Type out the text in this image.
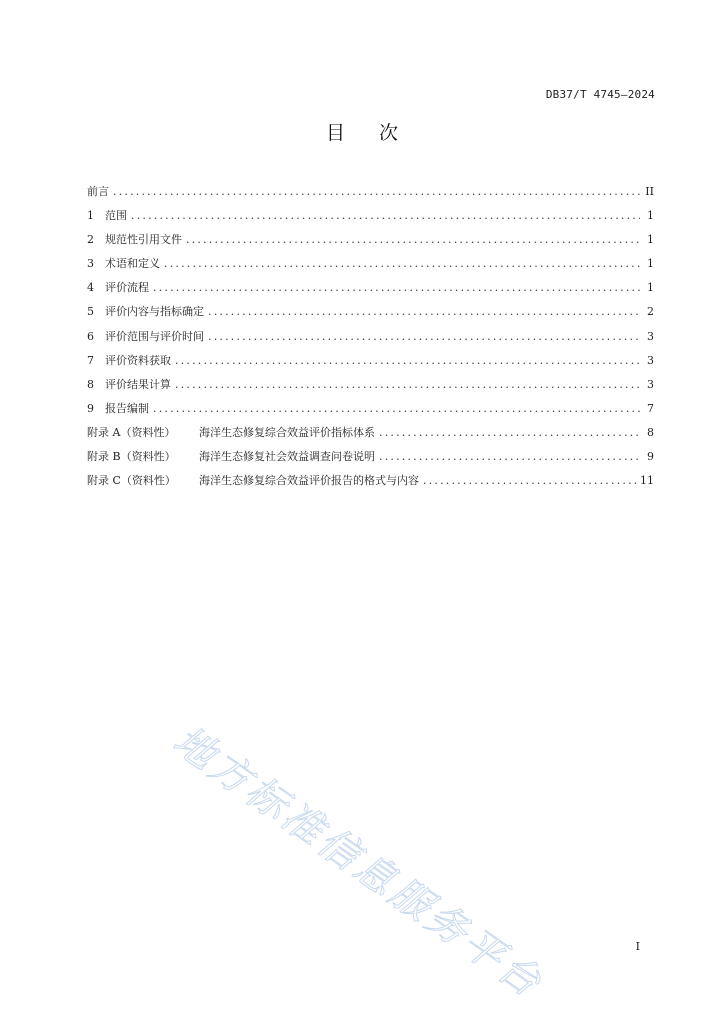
DB37/T 4745—2024
目次
前言 .....	II
1	范围 .....	1
2	规范性引用文件 .....	1
3	术语和定义 .....	1
4	评价流程 .....	1
5	评价内容与指标确定 .....	2
6	评价范围与评价时间 .....	3
7	评价资料获取 .....	3
8	评价结果计算 .....	3
9	报告编制 .....	7
附录 A（资料性）	海洋生态修复综合效益评价指标体系 .....	8
附录 B（资料性）	海洋生态修复社会效益调查问卷说明 .....	9
附录 C（资料性）	海洋生态修复综合效益评价报告的格式与内容 .....	11
地方标准信息服务平台	I
